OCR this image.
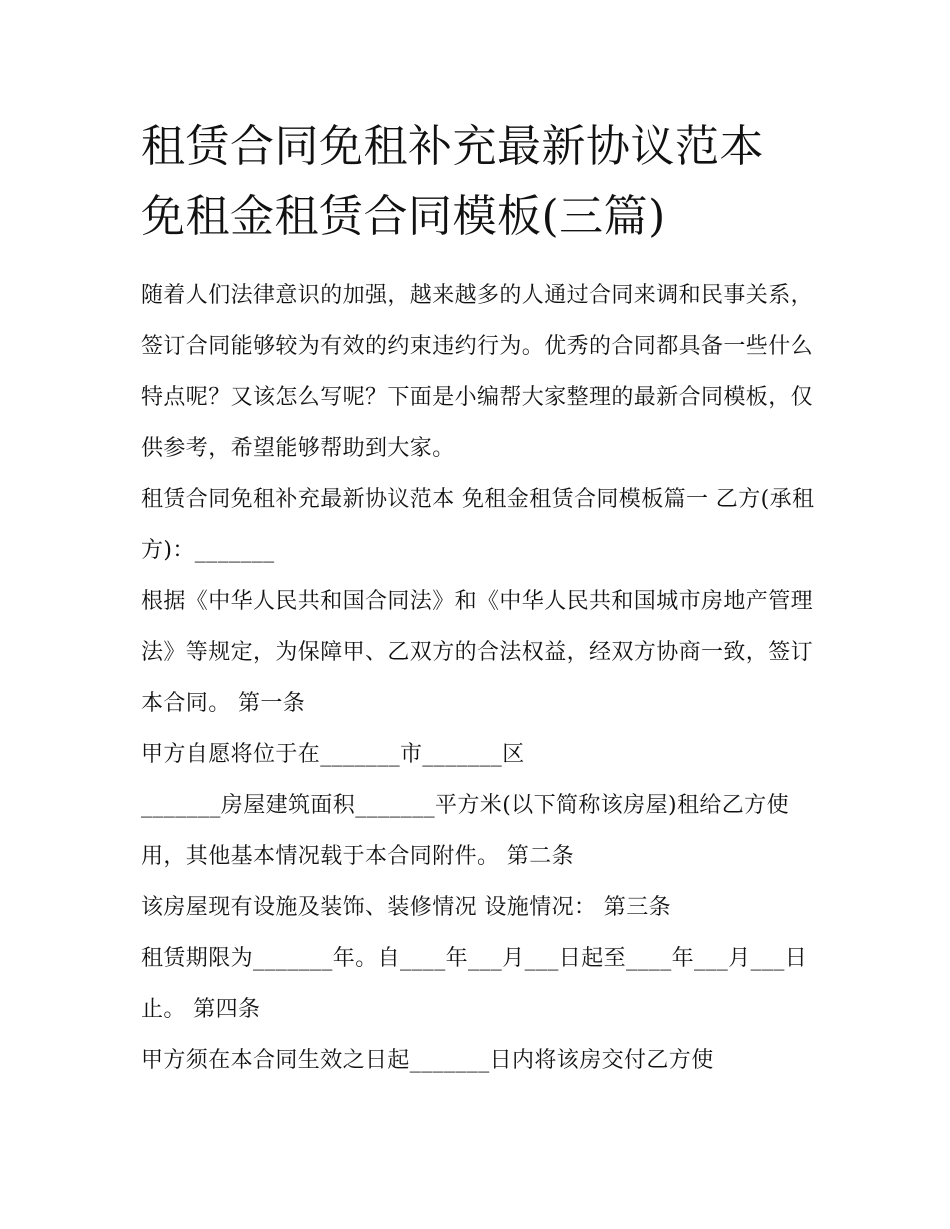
租赁合同免租补充最新协议范本 免租金租赁合同模板(三篇)

随着人们法律意识的加强，越来越多的人通过合同来调和民事关系，签订合同能够较为有效的约束违约行为。优秀的合同都具备一些什么特点呢？又该怎么写呢？下面是小编帮大家整理的最新合同模板，仅供参考，希望能够帮助到大家。

租赁合同免租补充最新协议范本 免租金租赁合同模板篇一 乙方(承租方)：_______

根据《中华人民共和国合同法》和《中华人民共和国城市房地产管理法》等规定，为保障甲、乙双方的合法权益，经双方协商一致，签订本合同。 第一条

甲方自愿将位于在_______市_______区

_______房屋建筑面积_______平方米(以下简称该房屋)租给乙方使用，其他基本情况载于本合同附件。 第二条

该房屋现有设施及装饰、装修情况 设施情况： 第三条

租赁期限为_______年。自____年___月___日起至____年___月___日止。 第四条

甲方须在本合同生效之日起_______日内将该房交付乙方使
